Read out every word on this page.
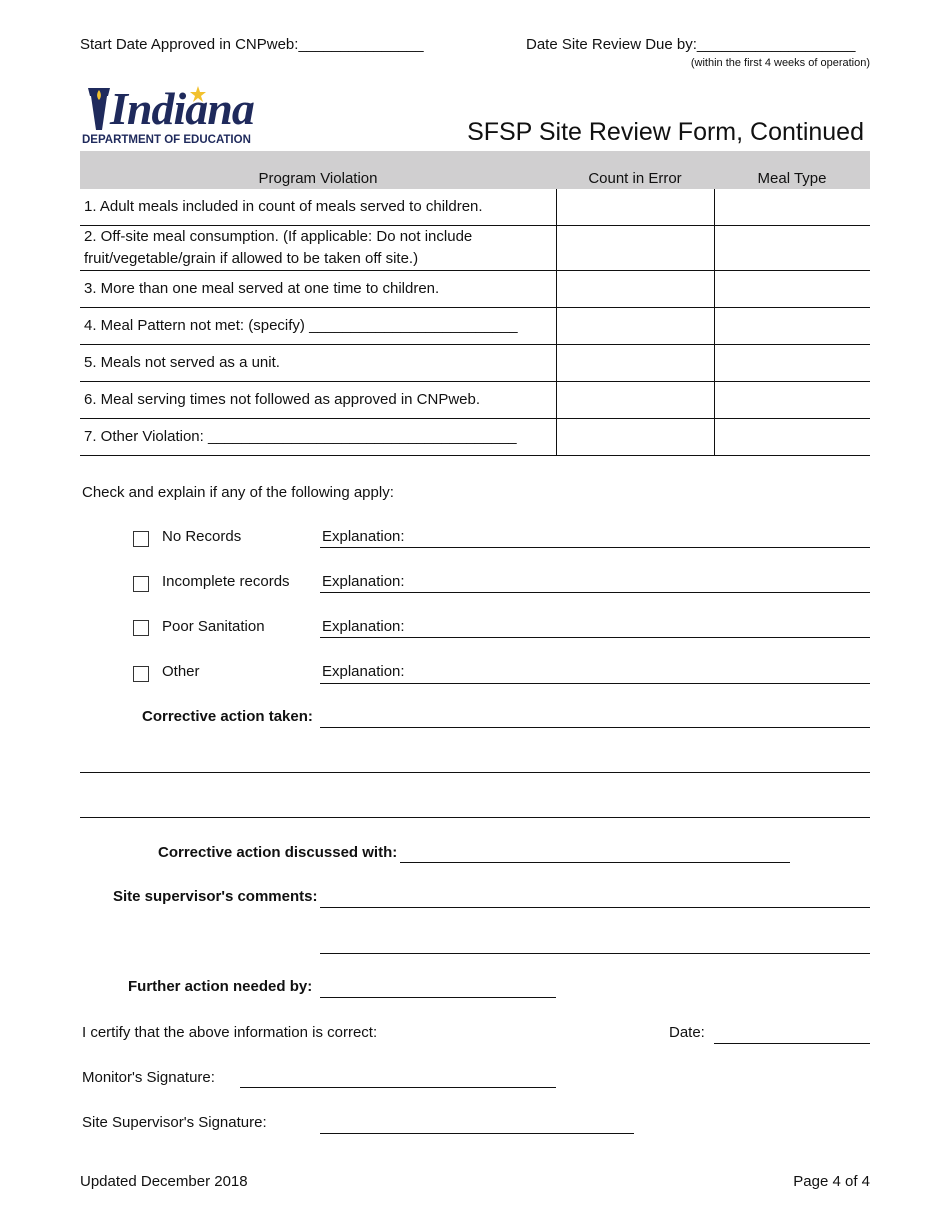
Start Date Approved in CNPweb:_______________	Date Site Review Due by:___________________
(within the first 4 weeks of operation)
Indiana
DEPARTMENT OF EDUCATION	SFSP Site Review Form, Continued
Program Violation	Count in Error	Meal Type
1. Adult meals included in count of meals served to children.		
2. Off-site meal consumption. (If applicable: Do not include fruit/vegetable/grain if allowed to be taken off site.)		
3. More than one meal served at one time to children.		
4. Meal Pattern not met: (specify) _________________________		
5. Meals not served as a unit.		
6. Meal serving times not followed as approved in CNPweb.		
7. Other Violation: _____________________________________		
Check and explain if any of the following apply:
No Records	Explanation:
Incomplete records Explanation:
Poor Sanitation	Explanation:
Other	Explanation:
Corrective action taken:
Corrective action discussed with:
Site supervisor's comments:
Further action needed by:
I certify that the above information is correct:	Date:
Monitor's Signature:
Site Supervisor's Signature:
Updated December 2018	Page 4 of 4
